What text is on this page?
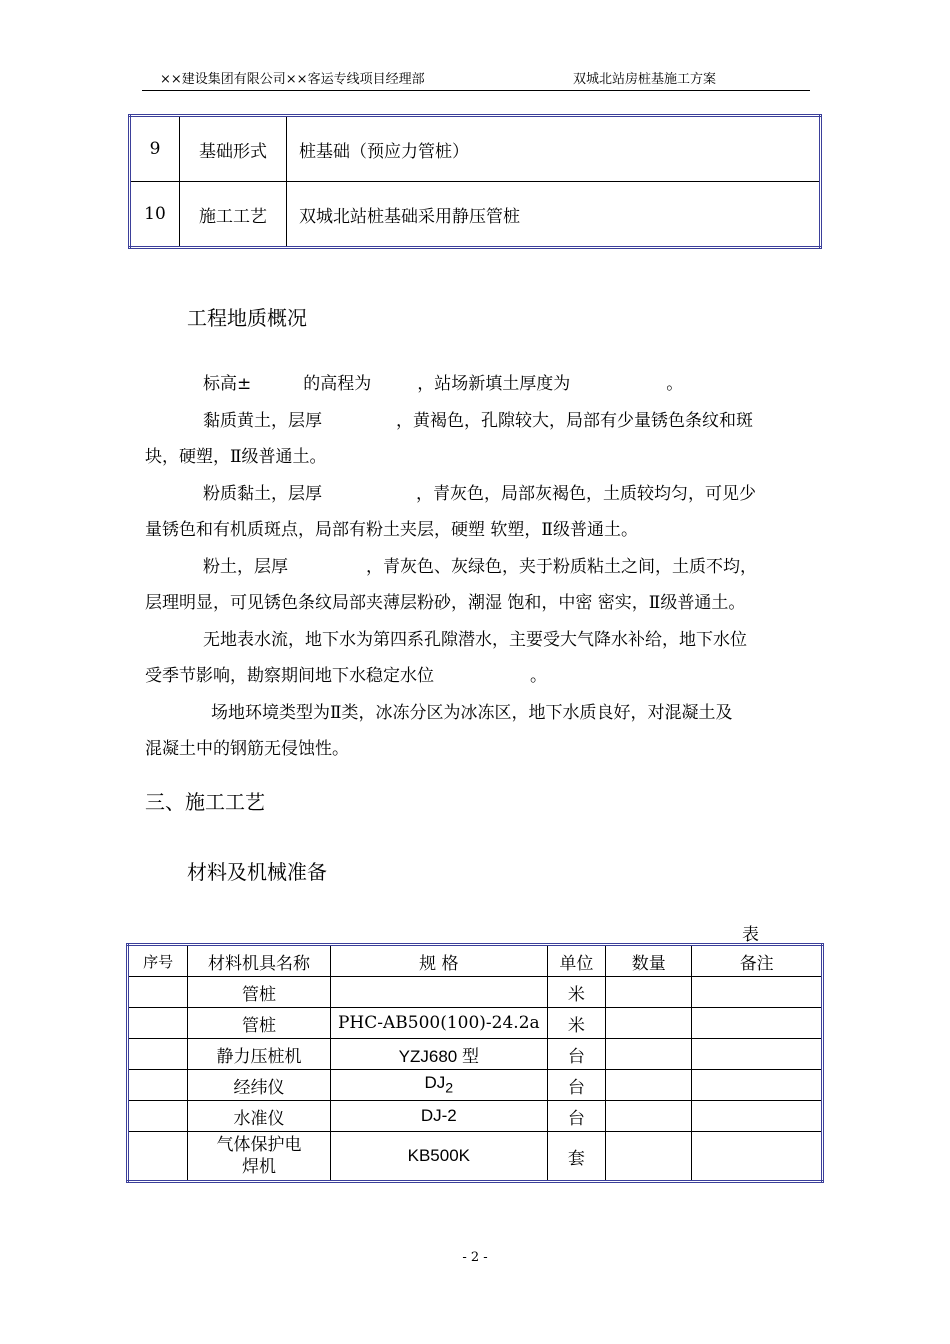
××建设集团有限公司××客运专线项目经理部	双城北站房桩基施工方案
9	基础形式	桩基础（预应力管桩）
10	施工工艺	双城北站桩基础采用静压管桩
工程地质概况

标高±	的高程为	，站场新填土厚度为	。

黏质黄土，层厚	，黄褐色，孔隙较大，局部有少量锈色条纹和斑

块，硬塑，Ⅱ级普通土。

粉质黏土，层厚	，青灰色，局部灰褐色，土质较均匀，可见少

量锈色和有机质斑点，局部有粉土夹层，硬塑 软塑，Ⅱ级普通土。

粉土，层厚	，青灰色、灰绿色，夹于粉质粘土之间，土质不均，

层理明显，可见锈色条纹局部夹薄层粉砂，潮湿 饱和，中密 密实，Ⅱ级普通土。

无地表水流，地下水为第四系孔隙潜水，主要受大气降水补给，地下水位

受季节影响，勘察期间地下水稳定水位	。

场地环境类型为Ⅱ类，冰冻分区为冰冻区，地下水质良好，对混凝土及

混凝土中的钢筋无侵蚀性。

三、施工工艺
材料及机械准备
表
序号	材料机具名称	规 格	单位	数量	备注
	管桩		米		
	管桩	PHC-AB500(100)-24.2a	米		
	静力压桩机	YZJ680 型	台		
	经纬仪	$DJ_2$	台		
	水准仪	DJ-2	台		

	气体保护电
焊机	KB500K	套		
- 2 -
